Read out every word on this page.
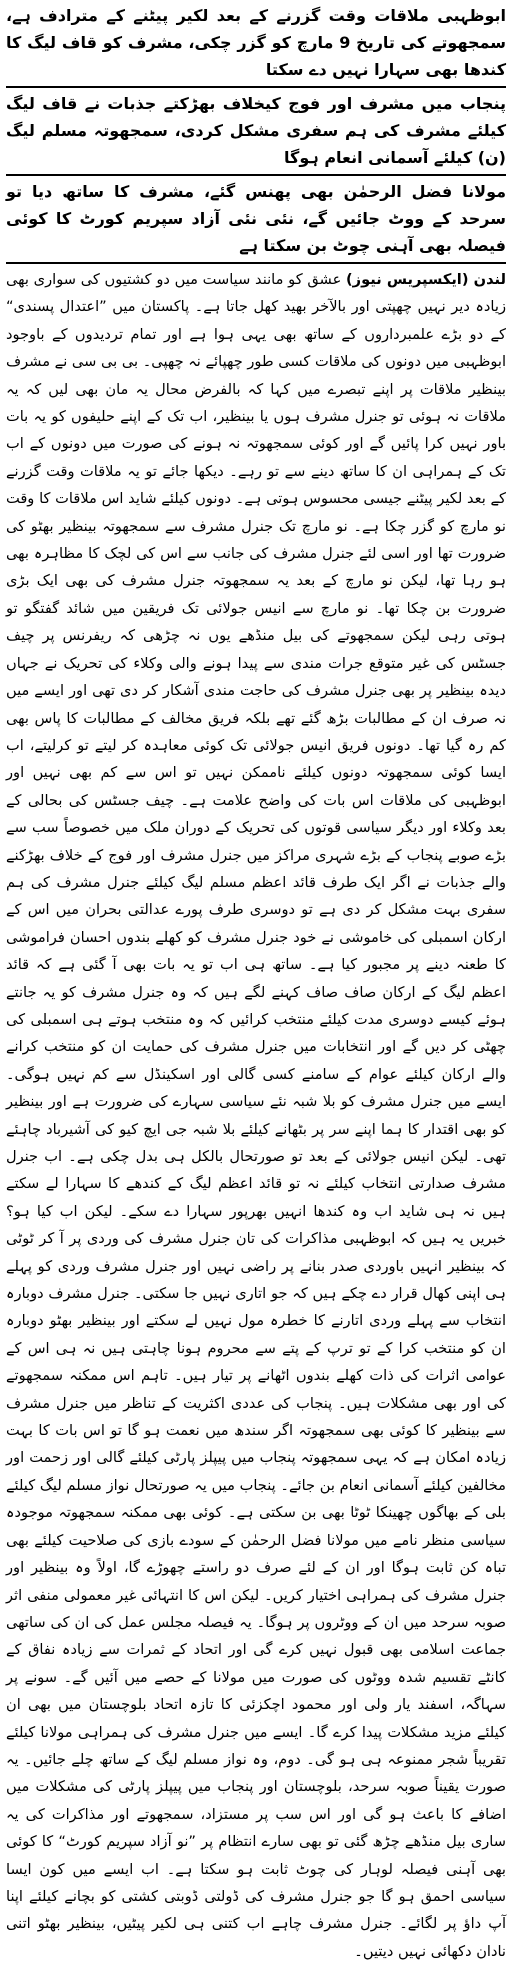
ابوظہبی ملاقات وقت گزرنے کے بعد لکیر پیٹنے کے مترادف ہے، سمجھوتے کی تاریخ 9 مارچ کو گزر چکی، مشرف کو قاف لیگ کا کندھا بھی سہارا نہیں دے سکتا

پنجاب میں مشرف اور فوج کیخلاف بھڑکتے جذبات نے قاف لیگ کیلئے مشرف کی ہم سفری مشکل کردی، سمجھوتہ مسلم لیگ (ن) کیلئے آسمانی انعام ہوگا

مولانا فضل الرحمٰن بھی پھنس گئے، مشرف کا ساتھ دیا تو سرحد کے ووٹ جائیں گے، نئی نئی آزاد سپریم کورٹ کا کوئی فیصلہ بھی آہنی چوٹ بن سکتا ہے

لندن (ایکسپریس نیوز) عشق کو مانند سیاست میں دو کشتیوں کی سواری بھی زیادہ دیر نہیں چھپتی اور بالآخر بھید کھل جاتا ہے۔ پاکستان میں ”اعتدال پسندی“ کے دو بڑے علمبرداروں کے ساتھ بھی یہی ہوا ہے اور تمام تردیدوں کے باوجود ابوظہبی میں دونوں کی ملاقات کسی طور چھپائے نہ چھپی۔ بی بی سی نے مشرف بینظیر ملاقات پر اپنے تبصرے میں کہا کہ بالفرض محال یہ مان بھی لیں کہ یہ ملاقات نہ ہوئی تو جنرل مشرف ہوں یا بینظیر، اب تک کے اپنے حلیفوں کو یہ بات باور نہیں کرا پائیں گے اور کوئی سمجھوتہ نہ ہونے کی صورت میں دونوں کے اب تک کے ہمراہی ان کا ساتھ دینے سے تو رہے۔ دیکھا جائے تو یہ ملاقات وقت گزرنے کے بعد لکیر پیٹنے جیسی محسوس ہوتی ہے۔ دونوں کیلئے شاید اس ملاقات کا وقت نو مارچ کو گزر چکا ہے۔ نو مارچ تک جنرل مشرف سے سمجھوتہ بینظیر بھٹو کی ضرورت تھا اور اسی لئے جنرل مشرف کی جانب سے اس کی لچک کا مظاہرہ بھی ہو رہا تھا، لیکن نو مارچ کے بعد یہ سمجھوتہ جنرل مشرف کی بھی ایک بڑی ضرورت بن چکا تھا۔ نو مارچ سے انیس جولائی تک فریقین میں شائد گفتگو تو ہوتی رہی لیکن سمجھوتے کی بیل منڈھے یوں نہ چڑھی کہ ریفرنس پر چیف جسٹس کی غیر متوقع جرات مندی سے پیدا ہونے والی وکلاء کی تحریک نے جہاں دیدہ بینظیر پر بھی جنرل مشرف کی حاجت مندی آشکار کر دی تھی اور ایسے میں نہ صرف ان کے مطالبات بڑھ گئے تھے بلکہ فریق مخالف کے مطالبات کا پاس بھی کم رہ گیا تھا۔ دونوں فریق انیس جولائی تک کوئی معاہدہ کر لیتے تو کرلیتے، اب ایسا کوئی سمجھوتہ دونوں کیلئے ناممکن نہیں تو اس سے کم بھی نہیں اور ابوظہبی کی ملاقات اس بات کی واضح علامت ہے۔ چیف جسٹس کی بحالی کے بعد وکلاء اور دیگر سیاسی قوتوں کی تحریک کے دوران ملک میں خصوصاً سب سے بڑے صوبے پنجاب کے بڑے شہری مراکز میں جنرل مشرف اور فوج کے خلاف بھڑکنے والے جذبات نے اگر ایک طرف قائد اعظم مسلم لیگ کیلئے جنرل مشرف کی ہم سفری بہت مشکل کر دی ہے تو دوسری طرف پورے عدالتی بحران میں اس کے ارکان اسمبلی کی خاموشی نے خود جنرل مشرف کو کھلے بندوں احسان فراموشی کا طعنہ دینے پر مجبور کیا ہے۔ ساتھ ہی اب تو یہ بات بھی آ گئی ہے کہ قائد اعظم لیگ کے ارکان صاف صاف کہنے لگے ہیں کہ وہ جنرل مشرف کو یہ جانتے ہوئے کیسے دوسری مدت کیلئے منتخب کرائیں کہ وہ منتخب ہوتے ہی اسمبلی کی چھٹی کر دیں گے اور انتخابات میں جنرل مشرف کی حمایت ان کو منتخب کرانے والے ارکان کیلئے عوام کے سامنے کسی گالی اور اسکینڈل سے کم نہیں ہوگی۔ ایسے میں جنرل مشرف کو بلا شبہ نئے سیاسی سہارے کی ضرورت ہے اور بینظیر کو بھی اقتدار کا ہما اپنے سر پر بٹھانے کیلئے بلا شبہ جی ایچ کیو کی آشیرباد چاہئے تھی۔ لیکن انیس جولائی کے بعد تو صورتحال بالکل ہی بدل چکی ہے۔ اب جنرل مشرف صدارتی انتخاب کیلئے نہ تو قائد اعظم لیگ کے کندھے کا سہارا لے سکتے ہیں نہ ہی شاید اب وہ کندھا انہیں بھرپور سہارا دے سکے۔ لیکن اب کیا ہو؟ خبریں یہ ہیں کہ ابوظہبی مذاکرات کی تان جنرل مشرف کی وردی پر آ کر ٹوٹی کہ بینظیر انہیں باوردی صدر بنانے پر راضی نہیں اور جنرل مشرف وردی کو پہلے ہی اپنی کھال قرار دے چکے ہیں کہ جو اتاری نہیں جا سکتی۔ جنرل مشرف دوبارہ انتخاب سے پہلے وردی اتارنے کا خطرہ مول نہیں لے سکتے اور بینظیر بھٹو دوبارہ ان کو منتخب کرا کے تو ترپ کے پتے سے محروم ہونا چاہتی ہیں نہ ہی اس کے عوامی اثرات کی ذات کھلے بندوں اٹھانے پر تیار ہیں۔ تاہم اس ممکنہ سمجھوتے کی اور بھی مشکلات ہیں۔ پنجاب کی عددی اکثریت کے تناظر میں جنرل مشرف سے بینظیر کا کوئی بھی سمجھوتہ اگر سندھ میں نعمت ہو گا تو اس بات کا بہت زیادہ امکان ہے کہ یہی سمجھوتہ پنجاب میں پیپلز پارٹی کیلئے گالی اور زحمت اور مخالفین کیلئے آسمانی انعام بن جائے۔ پنجاب میں یہ صورتحال نواز مسلم لیگ کیلئے بلی کے بھاگوں چھینکا ٹوٹا بھی بن سکتی ہے۔ کوئی بھی ممکنہ سمجھوتہ موجودہ سیاسی منظر نامے میں مولانا فضل الرحمٰن کے سودے بازی کی صلاحیت کیلئے بھی تباہ کن ثابت ہوگا اور ان کے لئے صرف دو راستے چھوڑے گا، اولاً وہ بینظیر اور جنرل مشرف کی ہمراہی اختیار کریں۔ لیکن اس کا انتہائی غیر معمولی منفی اثر صوبہ سرحد میں ان کے ووٹروں پر ہوگا۔ یہ فیصلہ مجلس عمل کی ان کی ساتھی جماعت اسلامی بھی قبول نہیں کرے گی اور اتحاد کے ثمرات سے زیادہ نفاق کے کانٹے تقسیم شدہ ووٹوں کی صورت میں مولانا کے حصے میں آئیں گے۔ سونے پر سہاگہ، اسفند یار ولی اور محمود اچکزئی کا تازہ اتحاد بلوچستان میں بھی ان کیلئے مزید مشکلات پیدا کرے گا۔ ایسے میں جنرل مشرف کی ہمراہی مولانا کیلئے تقریباً شجر ممنوعہ ہی ہو گی۔ دوم، وہ نواز مسلم لیگ کے ساتھ چلے جائیں۔ یہ صورت یقیناً صوبہ سرحد، بلوچستان اور پنجاب میں پیپلز پارٹی کی مشکلات میں اضافے کا باعث ہو گی اور اس سب پر مستزاد، سمجھوتے اور مذاکرات کی یہ ساری بیل منڈھے چڑھ گئی تو بھی سارے انتظام پر ”نو آزاد سپریم کورٹ“ کا کوئی بھی آہنی فیصلہ لوہار کی چوٹ ثابت ہو سکتا ہے۔ اب ایسے میں کون ایسا سیاسی احمق ہو گا جو جنرل مشرف کی ڈولتی ڈوبتی کشتی کو بچانے کیلئے اپنا آپ داؤ پر لگائے۔ جنرل مشرف چاہے اب کتنی ہی لکیر پیٹیں، بینظیر بھٹو اتنی نادان دکھائی نہیں دیتیں۔
